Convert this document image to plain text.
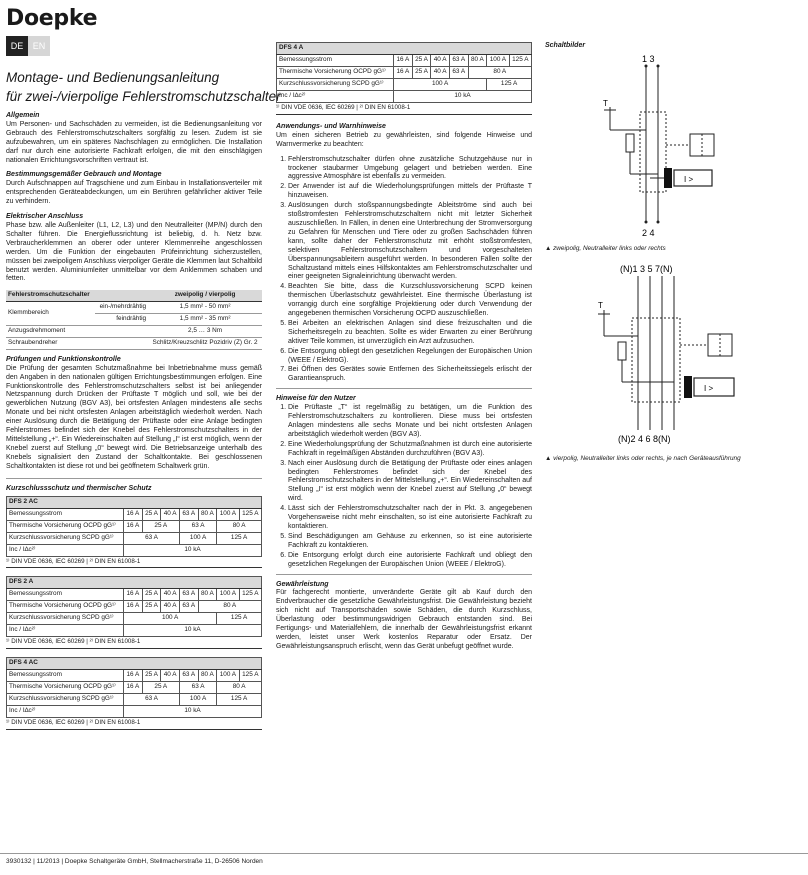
Doepke
DE	EN
Montage- und Bedienungsanleitung
für zwei-/vierpolige Fehlerstromschutzschalter
Allgemein
Um Personen- und Sachschäden zu vermeiden, ist die Bedienungsanleitung vor Gebrauch des Fehlerstromschutzschalters sorgfältig zu lesen. Zudem ist sie aufzubewahren, um ein späteres Nachschlagen zu ermöglichen. Die Installation darf nur durch eine autorisierte Fachkraft erfolgen, die mit den einschlägigen nationalen Errichtungsvorschriften vertraut ist.
Bestimmungsgemäßer Gebrauch und Montage
Durch Aufschnappen auf Tragschiene und zum Einbau in Installationsverteiler mit entsprechenden Geräteabdeckungen, um ein Berühren gefährlicher aktiver Teile zu verhindern.
Elektrischer Anschluss
Phase bzw. alle Außenleiter (L1, L2, L3) und den Neutralleiter (MP/N) durch den Schalter führen. Die Energieflussrichtung ist beliebig, d. h. Netz bzw. Verbraucherklemmen an oberer oder unterer Klemmenreihe angeschlossen werden. Um die Funktion der eingebauten Prüfeinrichtung sicherzustellen, müssen bei zweipoligem Anschluss vierpoliger Geräte die Klemmen laut Schaltbild benutzt werden. Aluminiumleiter unmittelbar vor dem Anklemmen schaben und fetten.
Fehlerstromschutzschalter		zweipolig / vierpolig
Klemmbereich	ein-/mehrdrähtig	1,5 mm² - 50 mm²
	feindrähtig	1,5 mm² - 35 mm²
Anzugsdrehmoment		2,5 … 3 Nm
Schraubendreher		Schlitz/Kreuzschlitz Pozidriv (Z) Gr. 2
Prüfungen und Funktionskontrolle
Die Prüfung der gesamten Schutzmaßnahme bei Inbetriebnahme muss gemäß den Angaben in den nationalen gültigen Errichtungsbestimmungen erfolgen. Eine Funktionskontrolle des Fehlerstromschutzschalters selbst ist bei anliegender Netzspannung durch Drücken der Prüftaste T möglich und soll, wie bei der gewerblichen Nutzung (BGV A3), bei ortsfesten Anlagen mindestens alle sechs Monate und bei nicht ortsfesten Anlagen arbeitstäglich wiederholt werden. Nach einer Auslösung durch die Betätigung der Prüftaste oder eine Anlage bedingten Fehlerstromes befindet sich der Knebel des Fehlerstromschutzschalters in der Mittelstellung „+“. Ein Wiedereinschalten auf Stellung „I“ ist erst möglich, wenn der Knebel zuerst auf Stellung „0“ bewegt wird. Die Betriebsanzeige unterhalb des Knebels signalisiert den Zustand der Schaltkontakte. Bei geschlossenen Schaltkontakten ist diese rot und bei geöffnetem Schaltwerk grün.
Kurzschlussschutz und thermischer Schutz
DFS 2 AC							
Bemessungsstrom	16 A	25 A	40 A	63 A	80 A	100 A	125 A
Thermische Vorsicherung OCPD gG¹⁾	16 A	25 A		63 A		80 A	
Kurzschlussvorsicherung SCPD gG¹⁾	63 A			100 A		125 A	
Inc / I∆c²⁾	10 kA						
¹⁾ DIN VDE 0636, IEC 60269 | ²⁾ DIN EN 61008-1
DFS 2 A							
Bemessungsstrom	16 A	25 A	40 A	63 A	80 A	100 A	125 A
Thermische Vorsicherung OCPD gG¹⁾	16 A	25 A	40 A	63 A	80 A		
Kurzschlussvorsicherung SCPD gG¹⁾	100 A					125 A	
Inc / I∆c²⁾	10 kA						
¹⁾ DIN VDE 0636, IEC 60269 | ²⁾ DIN EN 61008-1
DFS 4 AC							
Bemessungsstrom	16 A	25 A	40 A	63 A	80 A	100 A	125 A
Thermische Vorsicherung OCPD gG¹⁾	16 A	25 A		63 A		80 A	
Kurzschlussvorsicherung SCPD gG¹⁾	63 A			100 A		125 A	
Inc / I∆c²⁾	10 kA						
¹⁾ DIN VDE 0636, IEC 60269 | ²⁾ DIN EN 61008-1
DFS 4 A							
Bemessungsstrom	16 A	25 A	40 A	63 A	80 A	100 A	125 A
Thermische Vorsicherung OCPD gG¹⁾	16 A	25 A	40 A	63 A	80 A		
Kurzschlussvorsicherung SCPD gG¹⁾	100 A					125 A	
Inc / I∆c²⁾	10 kA						
¹⁾ DIN VDE 0636, IEC 60269 | ²⁾ DIN EN 61008-1
Anwendungs- und Warnhinweise
Um einen sicheren Betrieb zu gewährleisten, sind folgende Hinweise und Warnvermerke zu beachten:
1. Fehlerstromschutzschalter dürfen ohne zusätzliche Schutzgehäuse nur in trockener staubarmer Umgebung gelagert und betrieben werden. Eine aggressive Atmosphäre ist ebenfalls zu vermeiden.
2. Der Anwender ist auf die Wiederholungsprüfungen mittels der Prüftaste T hinzuweisen.
3. Auslösungen durch stoßspannungsbedingte Ableitströme sind auch bei stoßstromfesten Fehlerstromschutzschaltern nicht mit letzter Sicherheit auszuschließen. In Fällen, in denen eine Unterbrechung der Stromversorgung zu Gefahren für Menschen und Tiere oder zu großen Sachschäden führen kann, sollte daher der Fehlerstromschutz mit erhöht stoßstromfesten, selektiven Fehlerstromschutzschaltern und vorgeschalteten Überspannungsableitern ausgeführt werden. In besonderen Fällen sollte der Schaltzustand mittels eines Hilfskontaktes am Fehlerstromschutzschalter und einer geeigneten Signaleinrichtung überwacht werden.
4. Beachten Sie bitte, dass die Kurzschlussvorsicherung SCPD keinen thermischen Überlastschutz gewährleistet. Eine thermische Überlastung ist vorrangig durch eine sorgfältige Projektierung oder durch Verwendung der angegebenen thermischen Vorsicherung OCPD auszuschließen.
5. Bei Arbeiten an elektrischen Anlagen sind diese freizuschalten und die Sicherheitsregeln zu beachten. Sollte es wider Erwarten zu einer Berührung aktiver Teile kommen, ist unverzüglich ein Arzt aufzusuchen.
6. Die Entsorgung obliegt den gesetzlichen Regelungen der Europäischen Union (WEEE / ElektroG).
7. Bei Öffnen des Gerätes sowie Entfernen des Sicherheitssiegels erlischt der Garantieanspruch.
Hinweise für den Nutzer
1. Die Prüftaste „T“ ist regelmäßig zu betätigen, um die Funktion des Fehlerstromschutzschalters zu kontrollieren. Diese muss bei ortsfesten Anlagen mindestens alle sechs Monate und bei nicht ortsfesten Anlagen arbeitstäglich wiederholt werden (BGV A3).
2. Eine Wiederholungsprüfung der Schutzmaßnahmen ist durch eine autorisierte Fachkraft in regelmäßigen Abständen durchzuführen (BGV A3).
3. Nach einer Auslösung durch die Betätigung der Prüftaste oder eines anlagen bedingten Fehlerstromes befindet sich der Knebel des Fehlerstromschutzschalters in der Mittelstellung „+“. Ein Wiedereinschalten auf Stellung „I“ ist erst möglich wenn der Knebel zuerst auf Stellung „0“ bewegt wird.
4. Lässt sich der Fehlerstromschutzschalter nach der in Pkt. 3. angegebenen Vorgehensweise nicht mehr einschalten, so ist eine autorisierte Fachkraft zu kontaktieren.
5. Sind Beschädigungen am Gehäuse zu erkennen, so ist eine autorisierte Fachkraft zu kontaktieren.
6. Die Entsorgung erfolgt durch eine autorisierte Fachkraft und obliegt den gesetzlichen Regelungen der Europäischen Union (WEEE / ElektroG).
Gewährleistung
Für fachgerecht montierte, unveränderte Geräte gilt ab Kauf durch den Endverbraucher die gesetzliche Gewährleistungsfrist. Die Gewährleistung bezieht sich nicht auf Transportschäden sowie Schäden, die durch Kurzschluss, Überlastung oder bestimmungswidrigen Gebrauch entstanden sind. Bei Fertigungs- und Materialfehlern, die innerhalb der Gewährleistungsfrist erkannt werden, leistet unser Werk kostenlos Reparatur oder Ersatz. Der Gewährleistungsanspruch erlischt, wenn das Gerät unbefugt geöffnet wurde.
Schaltbilder
1 3
T
I >
2 4
▲ zweipolig, Neutralleiter links oder rechts
(N)1 3 5 7(N)
T
I >
(N)2 4 6 8(N)
▲ vierpolig, Neutralleiter links oder rechts, je nach Geräteausführung
3930132 | 11/2013 | Doepke Schaltgeräte GmbH, Stellmacherstraße 11, D-26506 Norden
